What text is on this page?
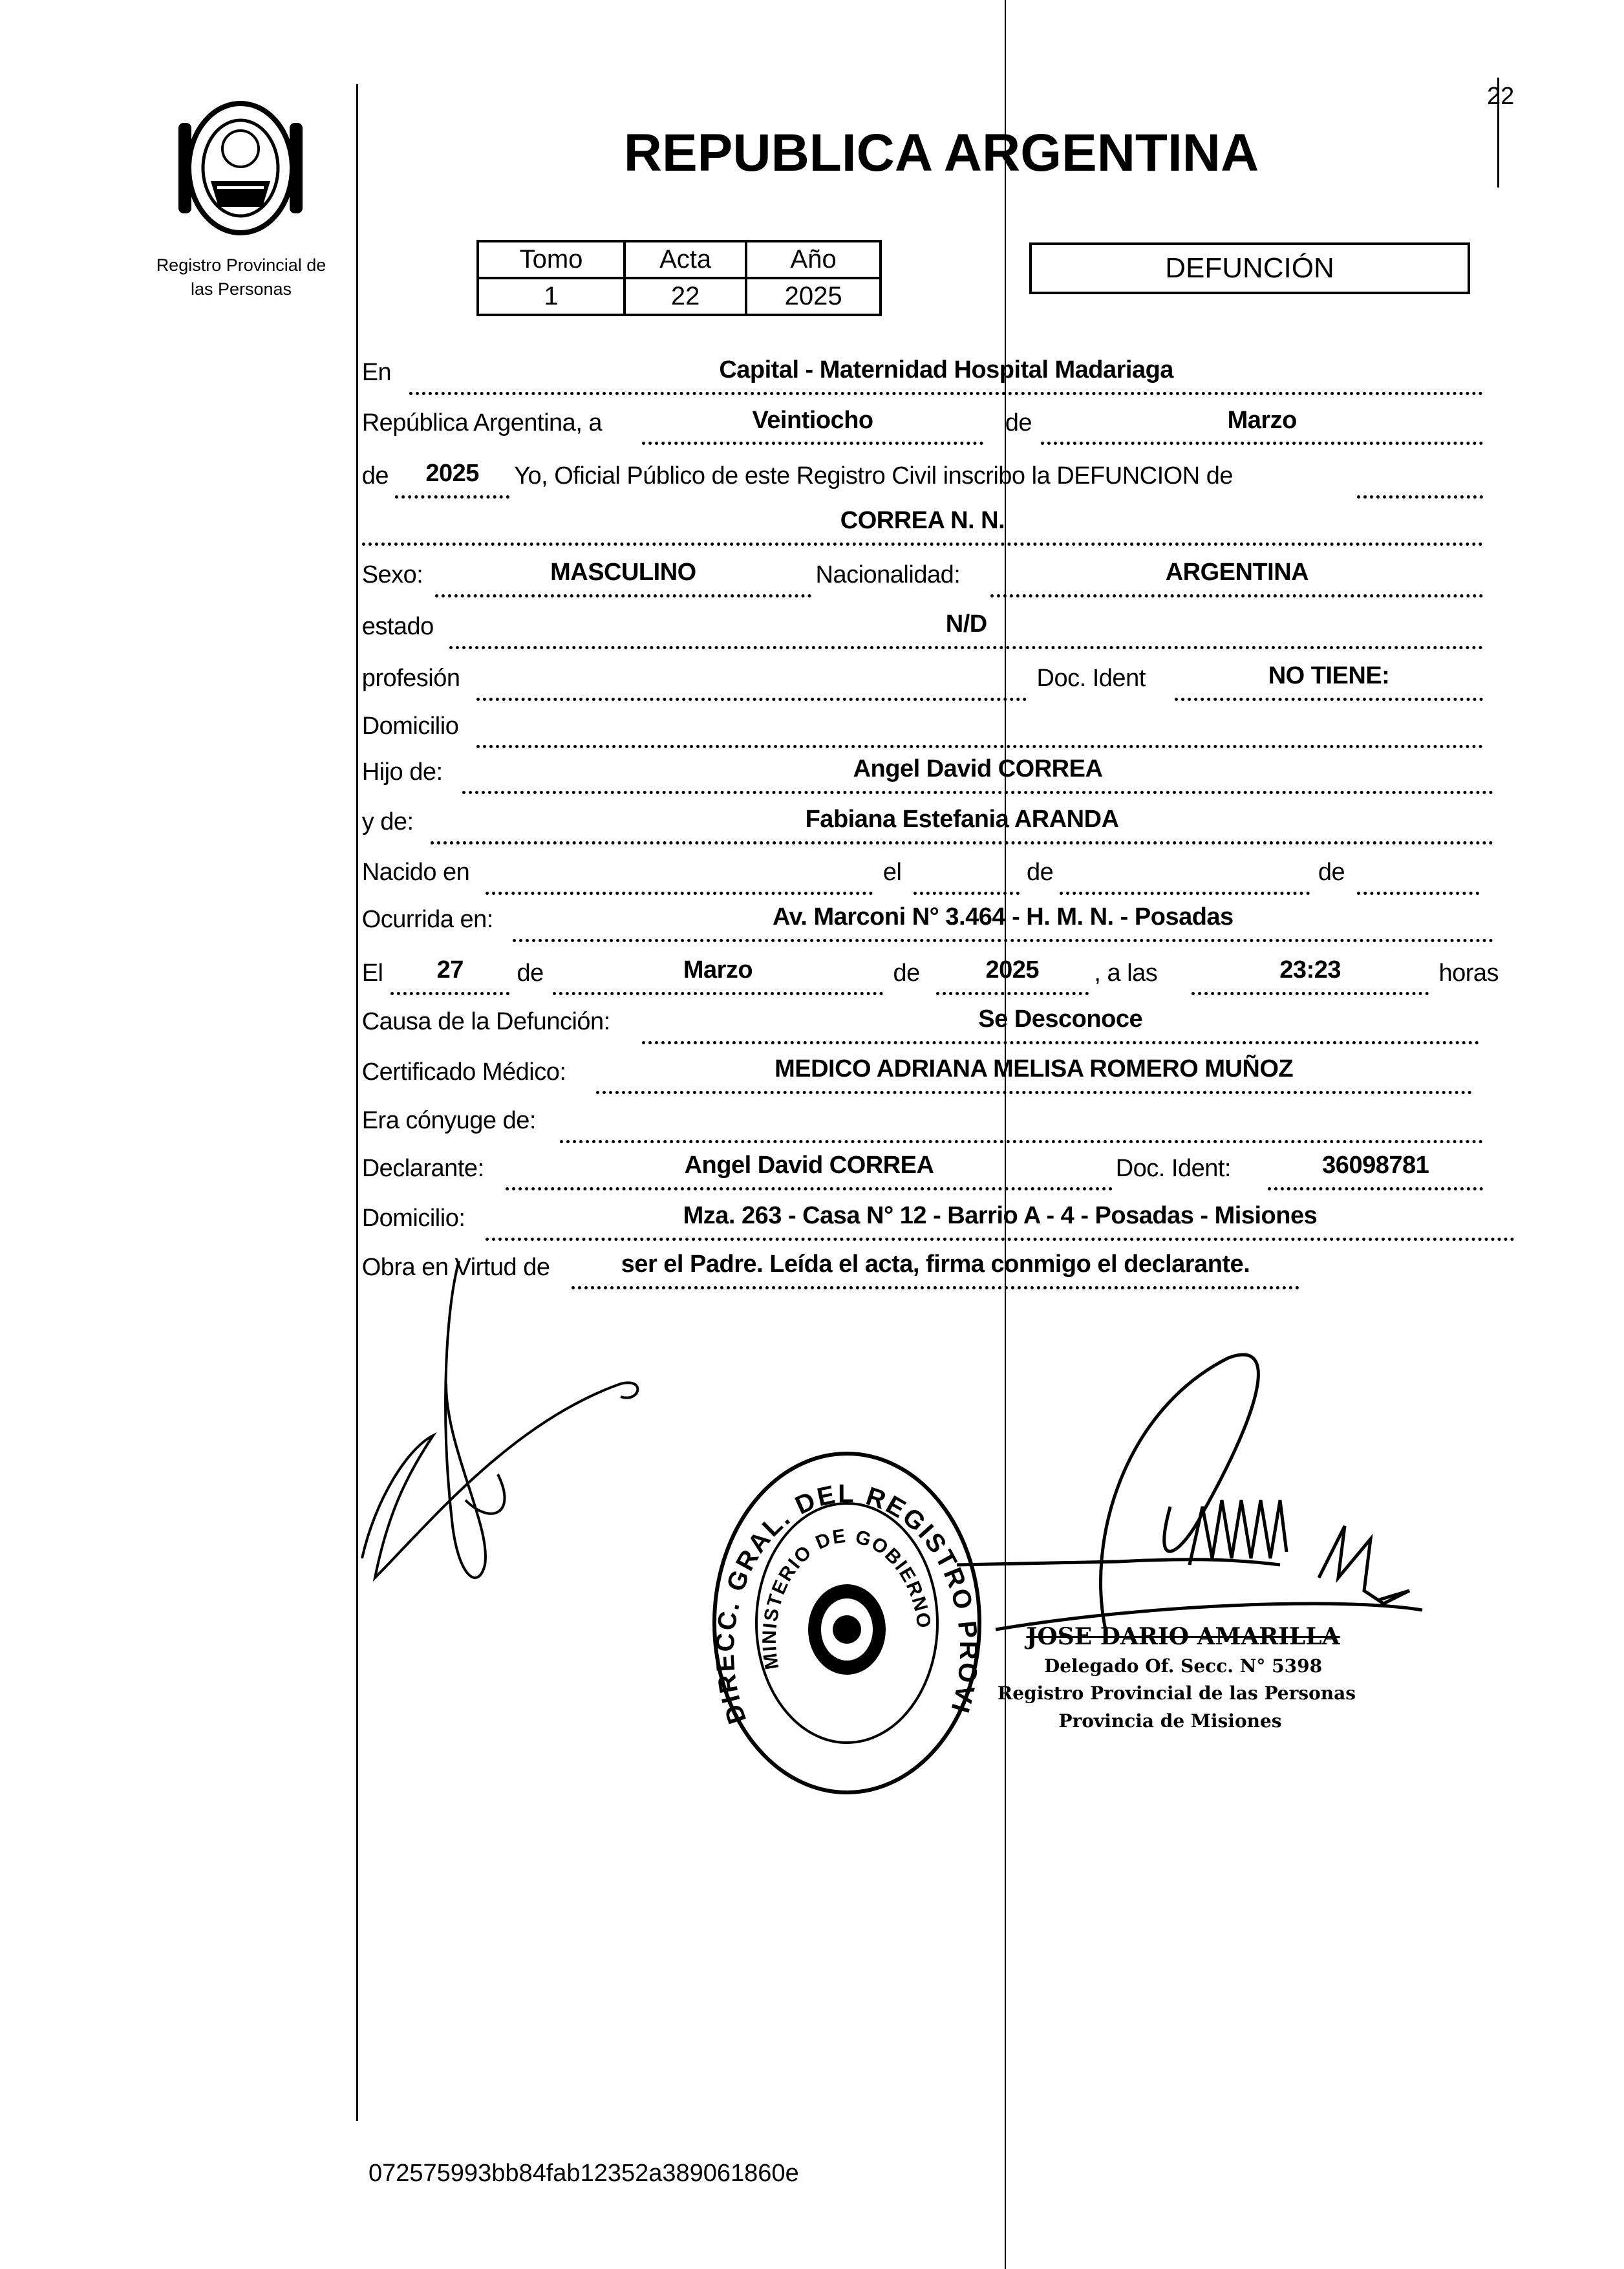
Registro Provincial de
las Personas
22
REPUBLICA ARGENTINA
Tomo	Acta	Año
1	22	2025
DEFUNCIÓN
En	Capital - Maternidad Hospital Madariaga
República Argentina, a	Veintiocho	de	Marzo
de	2025	Yo, Oficial Público de este Registro Civil inscribo la DEFUNCION de
CORREA N. N.
Sexo:	MASCULINO	Nacionalidad:	ARGENTINA
estado	N/D
profesión	Doc. Ident	NO TIENE:
Domicilio
Hijo de:	Angel David CORREA
y de:	Fabiana Estefania ARANDA
Nacido en	el	de	de
Ocurrida en:	Av. Marconi N° 3.464 - H. M. N. - Posadas
El	27	de	Marzo	de	2025	, a las	23:23	horas
Causa de la Defunción:	Se Desconoce
Certificado Médico:	MEDICO ADRIANA MELISA ROMERO MUÑOZ
Era cónyuge de:
Declarante:	Angel David CORREA	Doc. Ident:	36098781
Domicilio:	Mza. 263 - Casa N° 12 - Barrio A - 4 - Posadas - Misiones
Obra en Virtud de	ser el Padre. Leída el acta, firma conmigo el declarante.
DIRECC. GRAL. DEL REGISTRO PROVI
MINISTERIO DE GOBIERNO
JOSE DARIO AMARILLA
Delegado Of. Secc. N° 5398
Registro Provincial de las Personas
Provincia de Misiones
072575993bb84fab12352a389061860e
